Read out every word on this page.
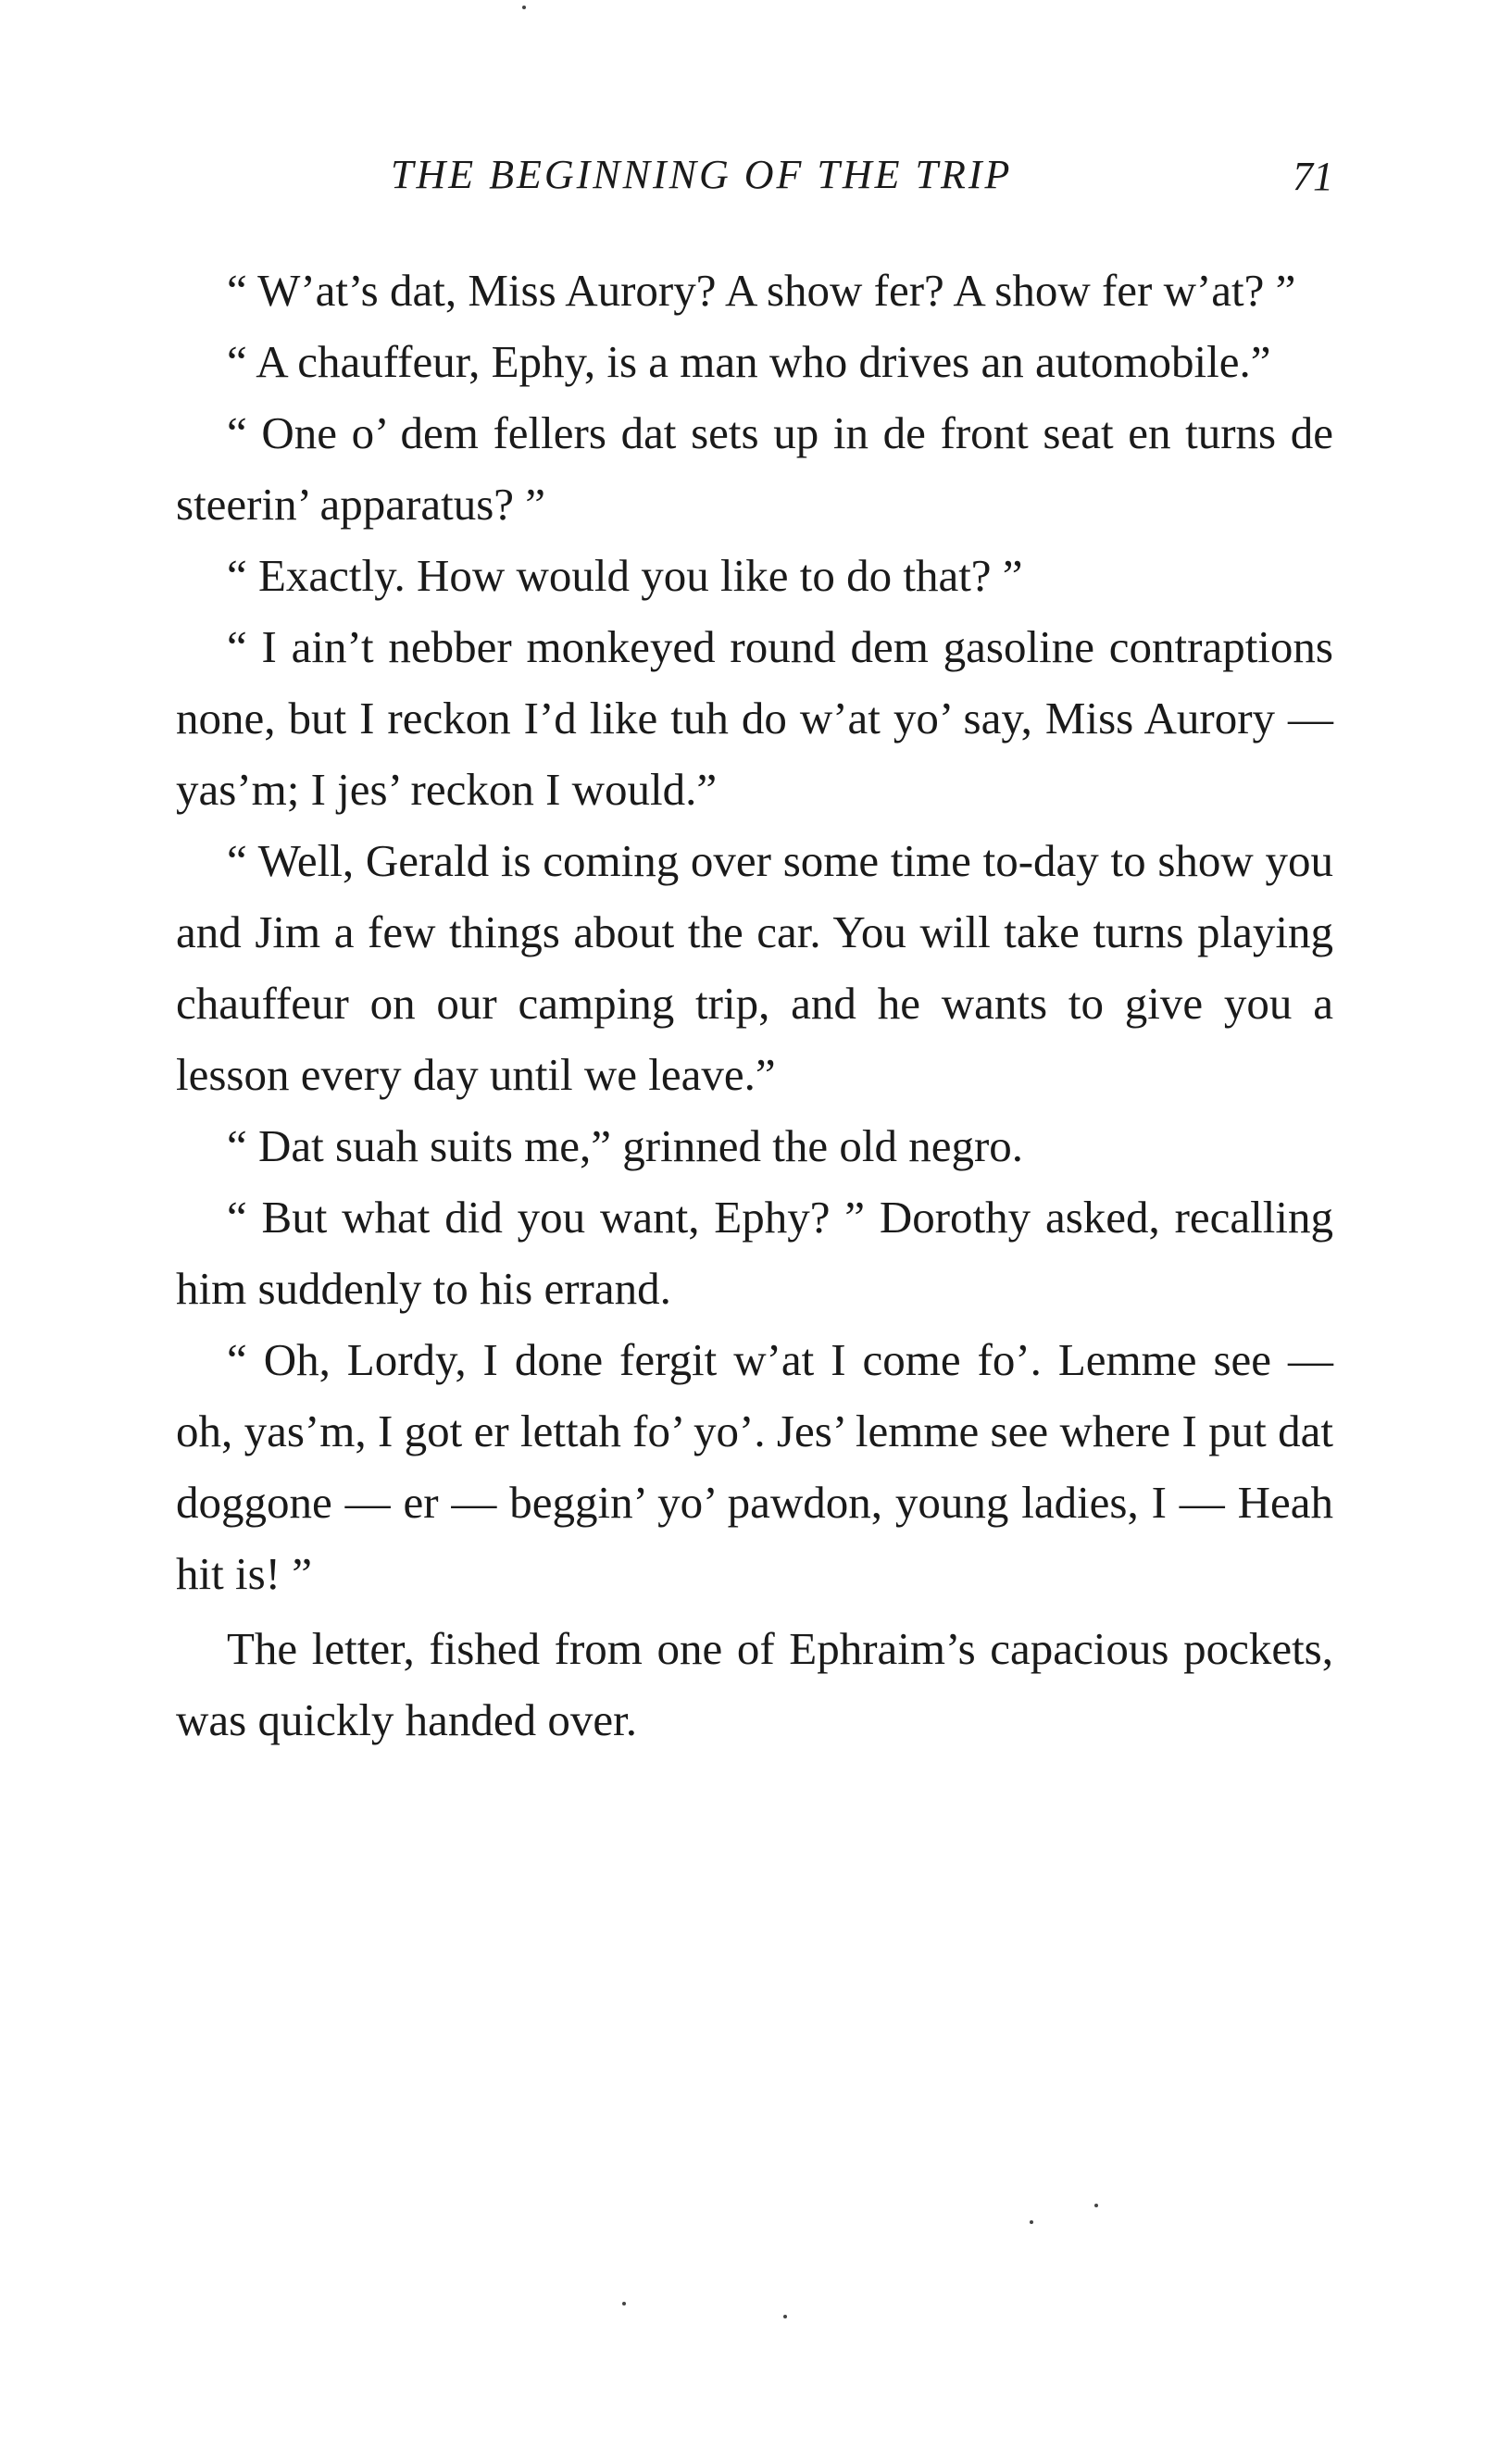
THE BEGINNING OF THE TRIP	71

“ W’at’s dat, Miss Aurory? A show fer? A show fer w’at? ”

“ A chauffeur, Ephy, is a man who drives an automobile.”

“ One o’ dem fellers dat sets up in de front seat en turns de steerin’ apparatus? ”

“ Exactly. How would you like to do that? ”

“ I ain’t nebber monkeyed round dem gasoline contraptions none, but I reckon I’d like tuh do w’at yo’ say, Miss Aurory — yas’m; I jes’ reckon I would.”

“ Well, Gerald is coming over some time to-day to show you and Jim a few things about the car. You will take turns playing chauffeur on our camping trip, and he wants to give you a lesson every day until we leave.”

“ Dat suah suits me,” grinned the old negro.

“ But what did you want, Ephy? ” Dorothy asked, recalling him suddenly to his errand.

“ Oh, Lordy, I done fergit w’at I come fo’. Lemme see — oh, yas’m, I got er lettah fo’ yo’. Jes’ lemme see where I put dat doggone — er — beggin’ yo’ pawdon, young ladies, I — Heah hit is! ”

The letter, fished from one of Ephraim’s capacious pockets, was quickly handed over.
